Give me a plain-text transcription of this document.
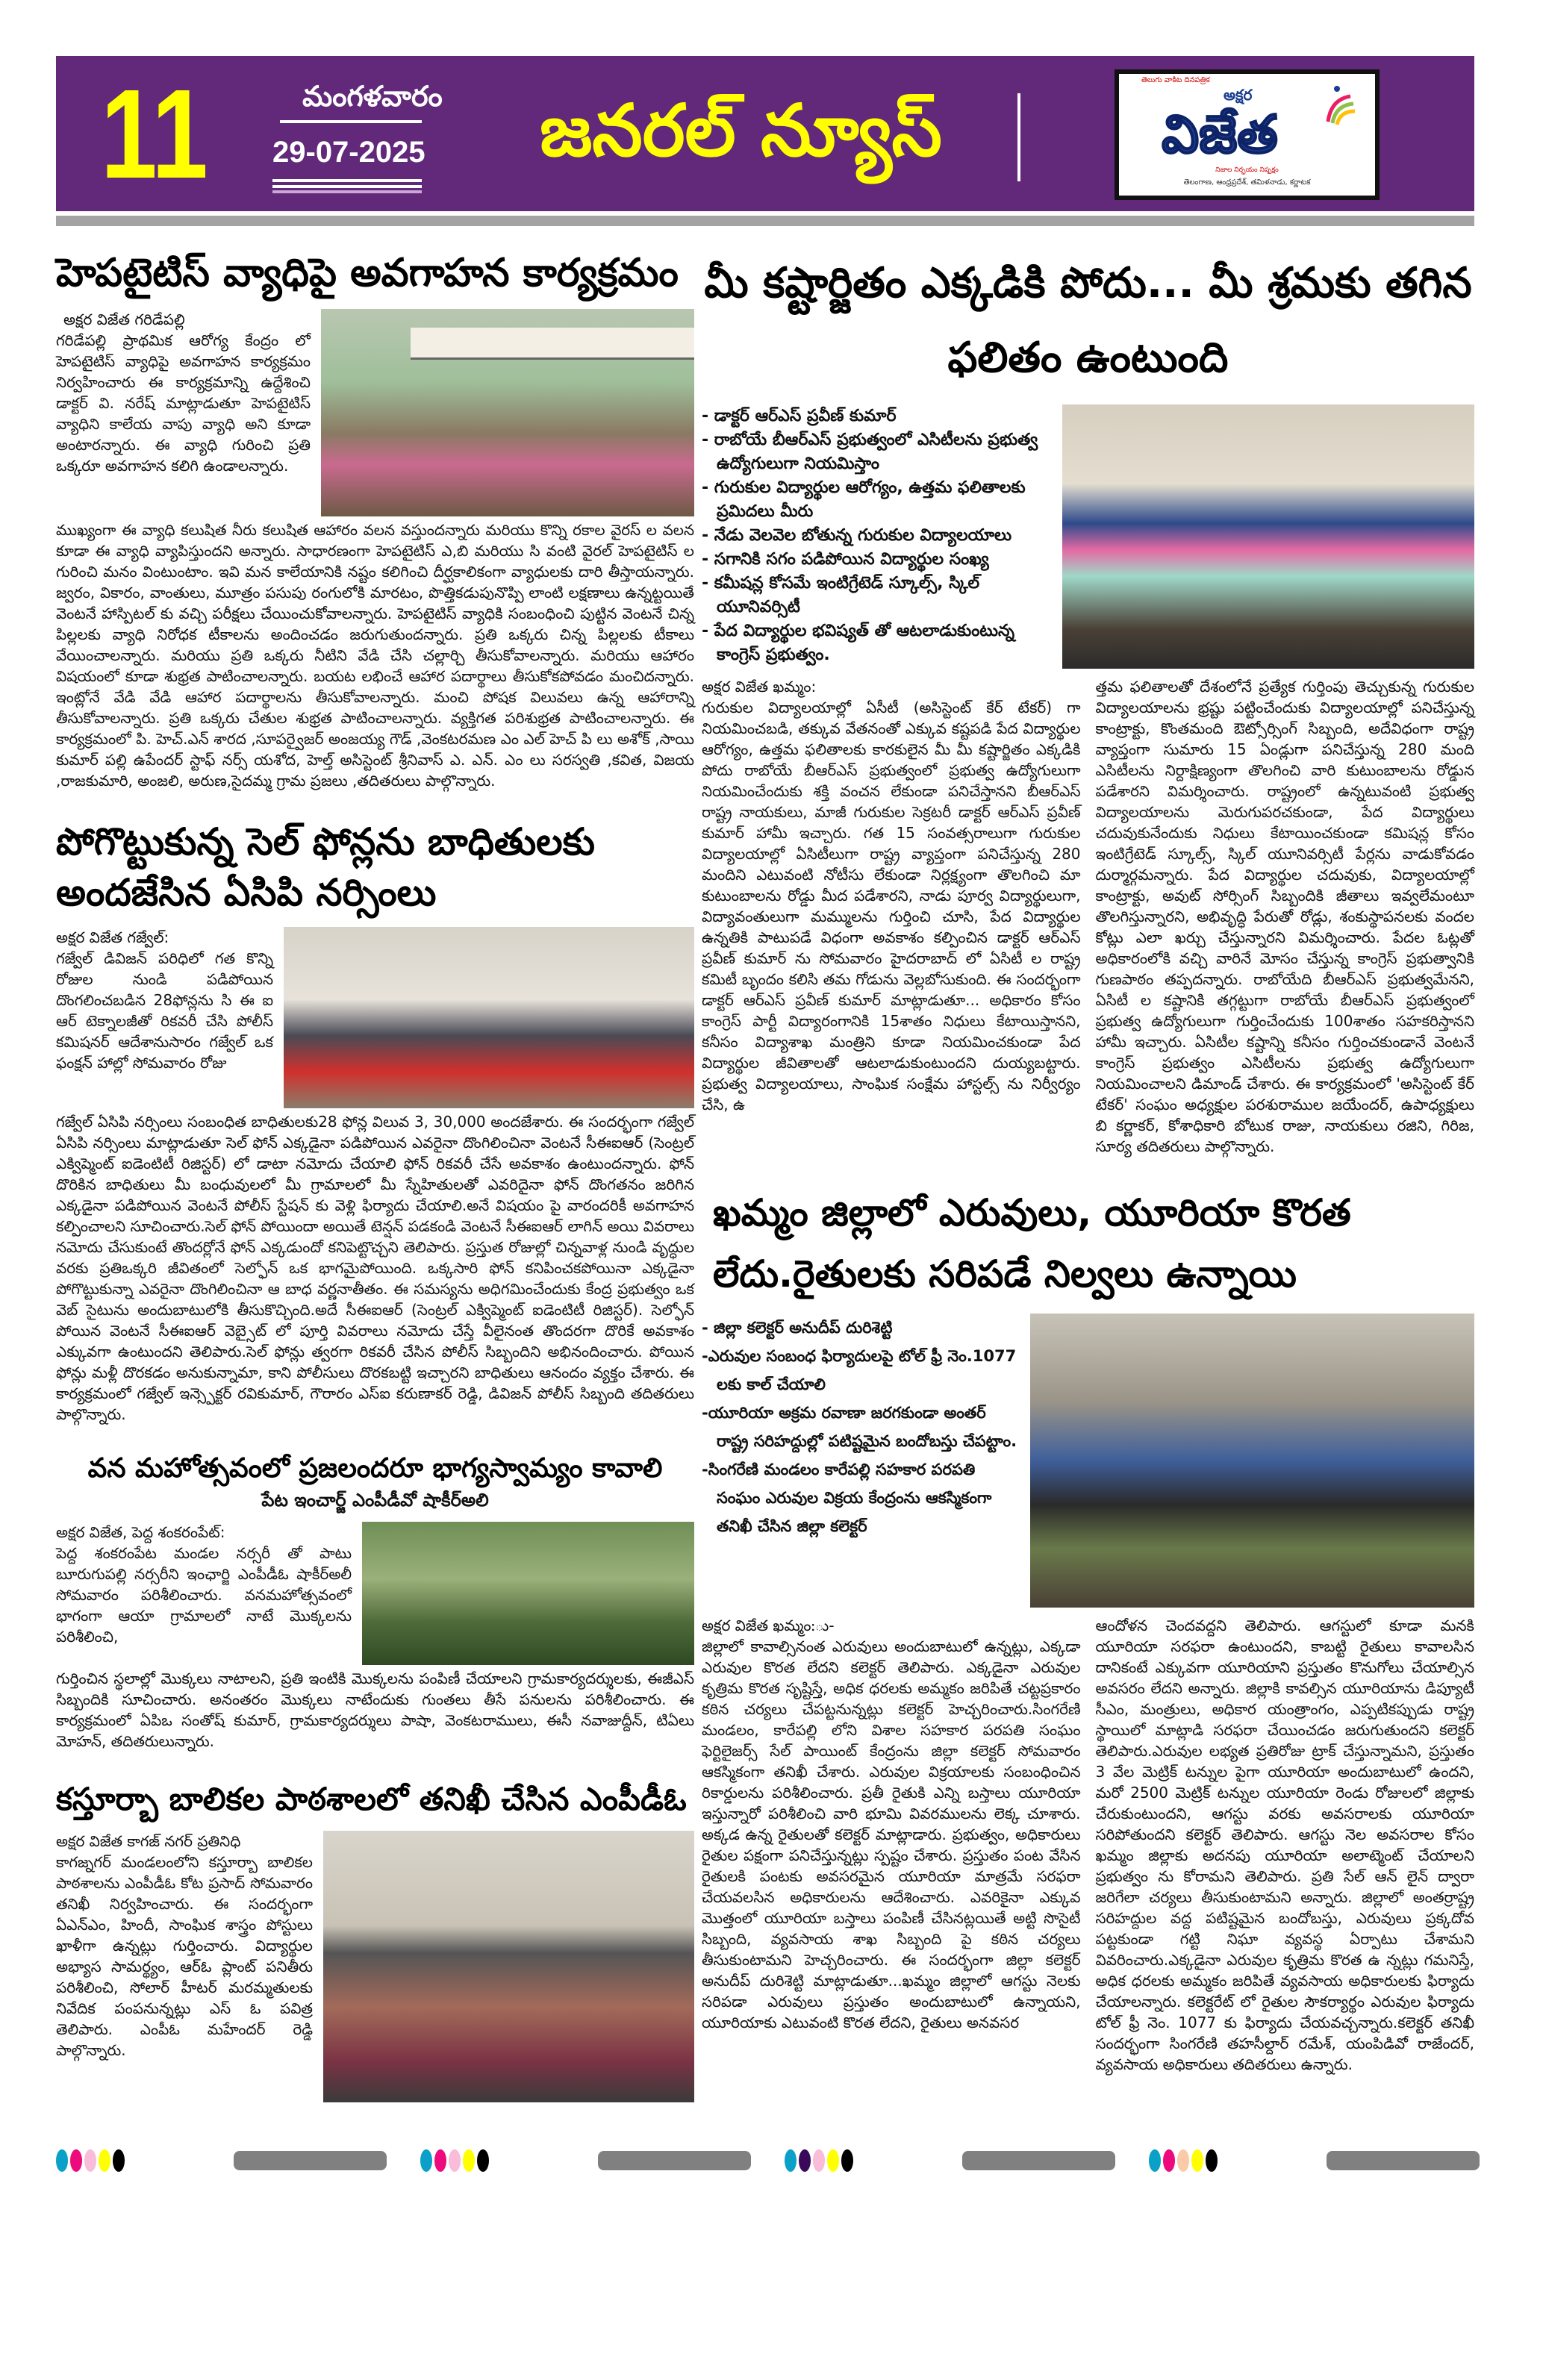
11	మంగళవారం
29-07-2025	జనరల్ న్యూస్
తెలుగు వాకిట దినపత్రిక
అక్షర
విజేత
నిజాల నిర్భయం నిష్పక్షం
తెలంగాణ, ఆంధ్రప్రదేశ్, తమిళనాడు, కర్ణాటక
హెపటైటిస్ వ్యాధిపై అవగాహన కార్యక్రమం

అక్షర విజేత గరిడేపల్లి

గరిడేపల్లి ప్రాథమిక ఆరోగ్య కేంద్రం లో హెపటైటిస్ వ్యాధిపై అవగాహన కార్యక్రమం నిర్వహించారు ఈ కార్యక్రమాన్ని ఉద్దేశించి డాక్టర్ వి. నరేష్ మాట్లాడుతూ హెపటైటిస్ వ్యాధిని కాలేయ వాపు వ్యాధి అని కూడా అంటారన్నారు. ఈ వ్యాధి గురించి ప్రతి ఒక్కరూ అవగాహన కలిగి ఉండాలన్నారు.

ముఖ్యంగా ఈ వ్యాధి కలుషిత నీరు కలుషిత ఆహారం వలన వస్తుందన్నారు మరియు కొన్ని రకాల వైరస్ ల వలన కూడా ఈ వ్యాధి వ్యాపిస్తుందని అన్నారు. సాధారణంగా హెపటైటిస్ ఎ,బి మరియు సి వంటి వైరల్ హెపటైటిస్ ల గురించి మనం వింటుంటాం. ఇవి మన కాలేయానికి నష్టం కలిగించి దీర్ఘకాలికంగా వ్యాధులకు దారి తీస్తాయన్నారు. జ్వరం, వికారం, వాంతులు, మూత్రం పసుపు రంగులోకి మారటం, పొత్తికడుపునొప్పి లాంటి లక్షణాలు ఉన్నట్టయితే వెంటనే హాస్పిటల్ కు వచ్చి పరీక్షలు చేయించుకోవాలన్నారు. హెపటైటిస్ వ్యాధికి సంబంధించి పుట్టిన వెంటనే చిన్న పిల్లలకు వ్యాధి నిరోధక టీకాలను అందించడం జరుగుతుందన్నారు. ప్రతి ఒక్కరు చిన్న పిల్లలకు టీకాలు వేయించాలన్నారు. మరియు ప్రతి ఒక్కరు నీటిని వేడి చేసి చల్లార్చి తీసుకోవాలన్నారు. మరియు ఆహారం విషయంలో కూడా శుభ్రత పాటించాలన్నారు. బయట లభించే ఆహార పదార్థాలు తీసుకోకపోవడం మంచిదన్నారు. ఇంట్లోనే వేడి వేడి ఆహార పదార్థాలను తీసుకోవాలన్నారు. మంచి పోషక విలువలు ఉన్న ఆహారాన్ని తీసుకోవాలన్నారు. ప్రతి ఒక్కరు చేతుల శుభ్రత పాటించాలన్నారు. వ్యక్తిగత పరిశుభ్రత పాటించాలన్నారు. ఈ కార్యక్రమంలో పి. హెచ్.ఎన్ శారద ,సూపర్వైజర్ అంజయ్య గౌడ్ ,వెంకటరమణ ఎం ఎల్ హెచ్ పి లు అశోక్ ,సాయి కుమార్ పల్లి ఉపేందర్ స్టాఫ్ నర్స్ యశోద, హెల్త్ అసిస్టెంట్ శ్రీనివాస్ ఎ. ఎన్. ఎం లు సరస్వతి ,కవిత, విజయ ,రాజకుమారి, అంజలి, అరుణ,సైదమ్మ గ్రామ ప్రజలు ,తదితరులు పాల్గొన్నారు.
పోగొట్టుకున్న సెల్ ఫోన్లను బాధితులకు అందజేసిన ఏసిపి నర్సింలు

అక్షర విజేత గజ్వేల్:

గజ్వేల్ డివిజన్ పరిధిలో గత కొన్ని రోజుల నుండి పడిపోయిన దొంగలించబడిన 28ఫోన్లను సి ఈ ఐ ఆర్ టెక్నాలజీతో రికవరీ చేసి పోలీస్ కమిషనర్ ఆదేశానుసారం గజ్వేల్ ఒక ఫంక్షన్ హాల్లో సోమవారం రోజు

గజ్వేల్ ఏసిపి నర్సింలు సంబంధిత బాధితులకు28 ఫోన్ల విలువ 3, 30,000 అందజేశారు. ఈ సందర్భంగా గజ్వేల్ ఏసిపి నర్సింలు మాట్లాడుతూ సెల్ ఫోన్ ఎక్కడైనా పడిపోయిన ఎవరైనా దొంగిలించినా వెంటనే సీఈఐఆర్ (సెంట్రల్ ఎక్విప్మెంట్ ఐడెంటిటీ రిజిస్టర్) లో డాటా నమోదు చేయాలి ఫోన్ రికవరీ చేసే అవకాశం ఉంటుందన్నారు. ఫోన్ దొరికిన బాధితులు మీ బంధువులలో మీ గ్రామాలలో మీ స్నేహితులతో ఎవరిదైనా ఫోన్ దొంగతనం జరిగిన ఎక్కడైనా పడిపోయిన వెంటనే పోలీస్ స్టేషన్ కు వెళ్లి ఫిర్యాదు చేయాలి.అనే విషయం పై వారందరికీ అవగాహన కల్పించాలని సూచించారు.సెల్ ఫోన్ పోయిందా అయితే టెన్షన్ పడకండి వెంటనే సీఈఐఆర్ లాగిన్ అయి వివరాలు నమోదు చేసుకుంటే తొందర్లోనే ఫోన్ ఎక్కడుందో కనిపెట్టొచ్చని తెలిపారు. ప్రస్తుత రోజుల్లో చిన్నవాళ్ల నుండి వృద్ధుల వరకు ప్రతిఒక్కరి జీవితంలో సెల్ఫోన్ ఒక భాగమైపోయింది. ఒక్కసారి ఫోన్ కనిపించకపోయినా ఎక్కడైనా పోగొట్టుకున్నా ఎవరైనా దొంగిలించినా ఆ బాధ వర్ణనాతీతం. ఈ సమస్యను అధిగమించేందుకు కేంద్ర ప్రభుత్వం ఒక వెబ్ సైటును అందుబాటులోకి తీసుకొచ్చింది.అదే సీఈఐఆర్ (సెంట్రల్ ఎక్విప్మెంట్ ఐడెంటిటీ రిజిస్టర్). సెల్ఫోన్ పోయిన వెంటనే సీఈఐఆర్ వెబ్సైట్ లో పూర్తి వివరాలు నమోదు చేస్తే వీలైనంత తొందరగా దొరికే అవకాశం ఎక్కువగా ఉంటుందని తెలిపారు.సెల్ ఫోన్లు త్వరగా రికవరీ చేసిన పోలీస్ సిబ్బందిని అభినందించారు. పోయిన ఫోన్లు మళ్లీ దొరకడం అనుకున్నామా, కాని పోలీసులు దొరకబట్టి ఇచ్చారని బాధితులు ఆనందం వ్యక్తం చేశారు. ఈ కార్యక్రమంలో గజ్వేల్ ఇన్స్పెక్టర్ రవికుమార్, గౌరారం ఎస్ఐ కరుణాకర్ రెడ్డి, డివిజన్ పోలీస్ సిబ్బంది తదితరులు పాల్గొన్నారు.
వన మహోత్సవంలో ప్రజలందరూ భాగ్యస్వామ్యం కావాలి
పేట ఇంచార్జ్ ఎంపీడీవో షాకీర్అలి

అక్షర విజేత, పెద్ద శంకరంపేట్:

పెద్ద శంకరంపేట మండల నర్సరీ తో పాటు బూరుగుపల్లి నర్సరీని ఇంఛార్జి ఎంపీడీఓ షాకీర్అలీ సోమవారం పరిశీలించారు. వనమహోత్సవంలో భాగంగా ఆయా గ్రామాలలో నాటే మొక్కలను పరిశీలించి,

గుర్తించిన స్థలాల్లో మొక్కలు నాటాలని, ప్రతి ఇంటికి మొక్కలను పంపిణీ చేయాలని గ్రామకార్యదర్శులకు, ఈజీఎస్ సిబ్బందికి సూచించారు. అనంతరం మొక్కలు నాటేందుకు గుంతలు తీసే పనులను పరిశీలించారు. ఈ కార్యక్రమంలో ఏపిఒ సంతోష్ కుమార్, గ్రామకార్యదర్శులు పాషా, వెంకటరాములు, ఈసీ నవాజుద్దీన్, టిఏలు మోహన్, తదితరులున్నారు.
కస్తూర్బా బాలికల పాఠశాలలో తనిఖీ చేసిన ఎంపీడీఓ

అక్షర విజేత కాగజ్ నగర్ ప్రతినిధి

కాగజ్నగర్ మండలంలోని కస్తూర్బా బాలికల పాఠశాలను ఎంపీడీఓ కోట ప్రసాద్ సోమవారం తనిఖీ నిర్వహించారు. ఈ సందర్భంగా ఏఎన్ఎం, హిందీ, సాంఘిక శాస్త్రం పోస్టులు ఖాళీగా ఉన్నట్లు గుర్తించారు. విద్యార్థుల అభ్యాస సామర్థ్యం, ఆర్ఓ ప్లాంట్ పనితీరు పరిశీలించి, సోలార్ హీటర్ మరమ్మతులకు నివేదిక పంపనున్నట్లు ఎస్ ఓ పవిత్ర తెలిపారు. ఎంపీఓ మహేందర్ రెడ్డి పాల్గొన్నారు.

మీ కష్టార్జితం ఎక్కడికి పోదు... మీ శ్రమకు తగిన ఫలితం ఉంటుంది
- డాక్టర్ ఆర్ఎస్ ప్రవీణ్ కుమార్
- రాబోయే బీఆర్ఎస్ ప్రభుత్వంలో ఎసిటీలను ప్రభుత్వ ఉద్యోగులుగా నియమిస్తాం
- గురుకుల విద్యార్థుల ఆరోగ్యం, ఉత్తమ ఫలితాలకు ప్రమిదలు మీరు
- నేడు వెలవెల బోతున్న గురుకుల విద్యాలయాలు
- సగానికి సగం పడిపోయిన విద్యార్థుల సంఖ్య
- కమీషన్ల కోసమే ఇంటిగ్రేటెడ్ స్కూల్స్, స్కిల్ యూనివర్సిటీ
- పేద విద్యార్థుల భవిష్యత్ తో ఆటలాడుకుంటున్న కాంగ్రెస్ ప్రభుత్వం.

అక్షర విజేత ఖమ్మం:

గురుకుల విద్యాలయాల్లో ఏసీటీ (అసిస్టెంట్ కేర్ టేకర్) గా నియమించబడి, తక్కువ వేతనంతో ఎక్కువ కష్టపడి పేద విద్యార్థుల ఆరోగ్యం, ఉత్తమ ఫలితాలకు కారకులైన మీ మీ కష్టార్జితం ఎక్కడికి పోదు రాబోయే బీఆర్ఎస్ ప్రభుత్వంలో ప్రభుత్వ ఉద్యోగులుగా నియమించేందుకు శక్తి వంచన లేకుండా పనిచేస్తానని బీఆర్ఎస్ రాష్ట్ర నాయకులు, మాజీ గురుకుల సెక్రటరీ డాక్టర్ ఆర్ఎస్ ప్రవీణ్ కుమార్ హామీ ఇచ్చారు. గత 15 సంవత్సరాలుగా గురుకుల విద్యాలయాల్లో ఏసిటీలుగా రాష్ట్ర వ్యాప్తంగా పనిచేస్తున్న 280 మందిని ఎటువంటి నోటీసు లేకుండా నిర్లక్ష్యంగా తొలగించి మా కుటుంబాలను రోడ్డు మీద పడేశారని, నాడు పూర్వ విద్యార్థులుగా, విద్యావంతులుగా మమ్ములను గుర్తించి చూసి, పేద విద్యార్థుల ఉన్నతికి పాటుపడే విధంగా అవకాశం కల్పించిన డాక్టర్ ఆర్ఎస్ ప్రవీణ్ కుమార్ ను సోమవారం హైదరాబాద్ లో ఏసిటీ ల రాష్ట్ర కమిటీ బృందం కలిసి తమ గోడును వెల్లబోసుకుంది. ఈ సందర్భంగా డాక్టర్ ఆర్ఎస్ ప్రవీణ్ కుమార్ మాట్లాడుతూ... అధికారం కోసం కాంగ్రెస్ పార్టీ విద్యారంగానికి 15శాతం నిధులు కేటాయిస్తానని, కనీసం విద్యాశాఖ మంత్రిని కూడా నియమించకుండా పేద విద్యార్థుల జీవితాలతో ఆటలాడుకుంటుందని దుయ్యబట్టారు. ప్రభుత్వ విద్యాలయాలు, సాంఘిక సంక్షేమ హాస్టల్స్ ను నిర్వీర్యం చేసి, ఉ

త్తమ ఫలితాలతో దేశంలోనే ప్రత్యేక గుర్తింపు తెచ్చుకున్న గురుకుల విద్యాలయాలను భ్రష్టు పట్టించేందుకు విద్యాలయాల్లో పనిచేస్తున్న కాంట్రాక్టు, కొంతమంది ఔట్సోర్సింగ్ సిబ్బంది, అదేవిధంగా రాష్ట్ర వ్యాప్తంగా సుమారు 15 ఏండ్లుగా పనిచేస్తున్న 280 మంది ఎసిటీలను నిర్దాక్షిణ్యంగా తొలగించి వారి కుటుంబాలను రోడ్డున పడేశారని విమర్శించారు. రాష్ట్రంలో ఉన్నటువంటి ప్రభుత్వ విద్యాలయాలను మెరుగుపరచకుండా, పేద విద్యార్థులు చదువుకునేందుకు నిధులు కేటాయించకుండా కమిషన్ల కోసం ఇంటిగ్రేటెడ్ స్కూల్స్, స్కిల్ యూనివర్సిటీ పేర్లను వాడుకోవడం దుర్మార్గమన్నారు. పేద విద్యార్థుల చదువుకు, విద్యాలయాల్లో కాంట్రాక్టు, అవుట్ సోర్సింగ్ సిబ్బందికి జీతాలు ఇవ్వలేమంటూ తొలగిస్తున్నారని, అభివృద్ధి పేరుతో రోడ్లు, శంకుస్థాపనలకు వందల కోట్లు ఎలా ఖర్చు చేస్తున్నారని విమర్శించారు. పేదల ఓట్లతో అధికారంలోకి వచ్చి వారినే మోసం చేస్తున్న కాంగ్రెస్ ప్రభుత్వానికి గుణపాఠం తప్పదన్నారు. రాబోయేది బీఆర్ఎస్ ప్రభుత్వమేనని, ఏసిటీ ల కష్టానికి తగ్గట్టుగా రాబోయే బీఆర్ఎస్ ప్రభుత్వంలో ప్రభుత్వ ఉద్యోగులుగా గుర్తించేందుకు 100శాతం సహకరిస్తానని హామీ ఇచ్చారు. ఏసిటీల కష్టాన్ని కనీసం గుర్తించకుండానే వెంటనే కాంగ్రెస్ ప్రభుత్వం ఎసిటీలను ప్రభుత్వ ఉద్యోగులుగా నియమించాలని డిమాండ్ చేశారు. ఈ కార్యక్రమంలో 'అసిస్టెంట్ కేర్ టేకర్' సంఘం అధ్యక్షుల పరశురాముల జయేందర్, ఉపాధ్యక్షులు బి కర్ణాకర్, కోశాధికారి బోటుక రాజు, నాయకులు రజిని, గిరిజ, సూర్య తదితరులు పాల్గొన్నారు.
ఖమ్మం జిల్లాలో ఎరువులు, యూరియా కొరత లేదు.రైతులకు సరిపడే నిల్వలు ఉన్నాయి
- జిల్లా కలెక్టర్ అనుదీప్ దురిశెట్టి
-ఎరువుల సంబంధ ఫిర్యాదులపై టోల్ ఫ్రీ నెం.1077 లకు కాల్ చేయాలి
-యూరియా అక్రమ రవాణా జరగకుండా అంతర్ రాష్ట్ర సరిహద్దుల్లో పటిష్టమైన బందోబస్తు చేపట్టాం.
-సింగరేణి మండలం కారేపల్లి సహకార పరపతి సంఘం ఎరువుల విక్రయ కేంద్రంను ఆకస్మికంగా తనిఖీ చేసిన జిల్లా కలెక్టర్

అక్షర విజేత ఖమ్మం:ు-

జిల్లాలో కావాల్సినంత ఎరువులు అందుబాటులో ఉన్నట్లు, ఎక్కడా ఎరువుల కొరత లేదని కలెక్టర్ తెలిపారు. ఎక్కడైనా ఎరువుల కృత్రిమ కొరత సృష్టిస్తే, అధిక ధరలకు అమ్మకం జరిపితే చట్టప్రకారం కఠిన చర్యలు చేపట్టనున్నట్లు కలెక్టర్ హెచ్చరించారు.సింగరేణి మండలం, కారేపల్లి లోని విశాల సహకార పరపతి సంఘం ఫెర్టిలైజర్స్ సేల్ పాయింట్ కేంద్రంను జిల్లా కలెక్టర్ సోమవారం ఆకస్మికంగా తనిఖీ చేశారు. ఎరువుల విక్రయాలకు సంబంధించిన రికార్డులను పరిశీలించారు. ప్రతీ రైతుకి ఎన్ని బస్తాలు యూరియా ఇస్తున్నారో పరిశీలించి వారి భూమి వివరములను లెక్క చూశారు. అక్కడ ఉన్న రైతులతో కలెక్టర్ మాట్లాడారు. ప్రభుత్వం, అధికారులు రైతుల పక్షంగా పనిచేస్తున్నట్లు స్పష్టం చేశారు. ప్రస్తుతం పంట వేసిన రైతులకి పంటకు అవసరమైన యూరియా మాత్రమే సరఫరా చేయవలసిన అధికారులను ఆదేశించారు. ఎవరికైనా ఎక్కువ మొత్తంలో యూరియా బస్తాలు పంపిణీ చేసినట్లయితే అట్టి సొసైటీ సిబ్బంది, వ్యవసాయ శాఖ సిబ్బంది పై కఠిన చర్యలు తీసుకుంటామని హెచ్చరించారు. ఈ సందర్భంగా జిల్లా కలెక్టర్ అనుదీప్ దురిశెట్టి మాట్లాడుతూ...ఖమ్మం జిల్లాలో ఆగస్టు నెలకు సరిపడా ఎరువులు ప్రస్తుతం అందుబాటులో ఉన్నాయని, యూరియాకు ఎటువంటి కొరత లేదని, రైతులు అనవసర

ఆందోళన చెందవద్దని తెలిపారు. ఆగస్టులో కూడా మనకి యూరియా సరఫరా ఉంటుందని, కాబట్టి రైతులు కావాలసిన దానికంటే ఎక్కువగా యూరియాని ప్రస్తుతం కొనుగోలు చేయాల్సిన అవసరం లేదని అన్నారు. జిల్లాకి కావల్సిన యూరియాను డిప్యూటీ సీఎం, మంత్రులు, అధికార యంత్రాంగం, ఎప్పటికప్పుడు రాష్ట్ర స్థాయిలో మాట్లాడి సరఫరా చేయించడం జరుగుతుందని కలెక్టర్ తెలిపారు.ఎరువుల లభ్యత ప్రతిరోజు ట్రాక్ చేస్తున్నామని, ప్రస్తుతం 3 వేల మెట్రిక్ టన్నుల పైగా యూరియా అందుబాటులో ఉందని, మరో 2500 మెట్రిక్ టన్నుల యూరియా రెండు రోజులలో జిల్లాకు చేరుకుంటుందని, ఆగస్టు వరకు అవసరాలకు యూరియా సరిపోతుందని కలెక్టర్ తెలిపారు. ఆగస్టు నెల అవసరాల కోసం ఖమ్మం జిల్లాకు అదనపు యూరియా అలాట్మెంట్ చేయాలని ప్రభుత్వం ను కోరామని తెలిపారు. ప్రతి సేల్ ఆన్ లైన్ ద్వారా జరిగేలా చర్యలు తీసుకుంటామని అన్నారు. జిల్లాలో అంతర్రాష్ట్ర సరిహద్దుల వద్ద పటిష్టమైన బందోబస్తు, ఎరువులు ప్రక్కదోవ పట్టకుండా గట్టి నిఘా వ్యవస్థ ఏర్పాటు చేశామని వివరించారు.ఎక్కడైనా ఎరువుల కృత్రిమ కొరత ఉ న్నట్లు గమనిస్తే, అధిక ధరలకు అమ్మకం జరిపితే వ్యవసాయ అధికారులకు ఫిర్యాదు చేయాలన్నారు. కలెక్టరేట్ లో రైతుల సౌకర్యార్థం ఎరువుల ఫిర్యాదు టోల్ ఫ్రీ నెం. 1077 కు ఫిర్యాదు చేయవచ్చన్నారు.కలెక్టర్ తనిఖీ సందర్భంగా సింగరేణి తహసీల్దార్ రమేశ్, యంపిడివో రాజేందర్, వ్యవసాయ అధికారులు తదితరులు ఉన్నారు.
